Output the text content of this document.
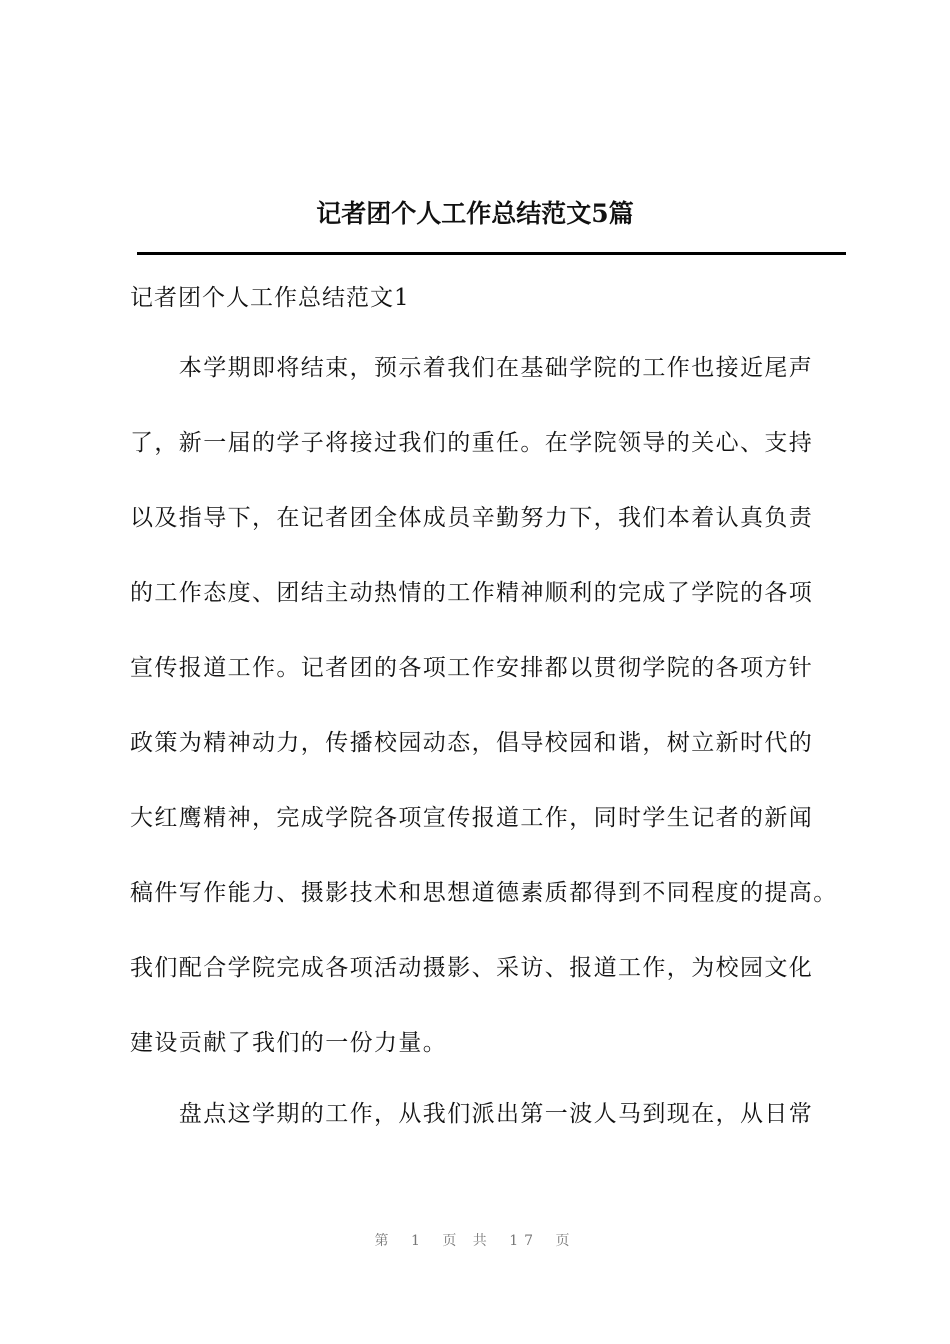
记者团个人工作总结范文5篇
记者团个人工作总结范文1
　　本学期即将结束，预示着我们在基础学院的工作也接近尾声
了，新一届的学子将接过我们的重任。在学院领导的关心、支持
以及指导下，在记者团全体成员辛勤努力下，我们本着认真负责
的工作态度、团结主动热情的工作精神顺利的完成了学院的各项
宣传报道工作。记者团的各项工作安排都以贯彻学院的各项方针
政策为精神动力，传播校园动态，倡导校园和谐，树立新时代的
大红鹰精神，完成学院各项宣传报道工作，同时学生记者的新闻
稿件写作能力、摄影技术和思想道德素质都得到不同程度的提高。
我们配合学院完成各项活动摄影、采访、报道工作，为校园文化
建设贡献了我们的一份力量。
　　盘点这学期的工作，从我们派出第一波人马到现在，从日常
第 1 页 共 17 页
